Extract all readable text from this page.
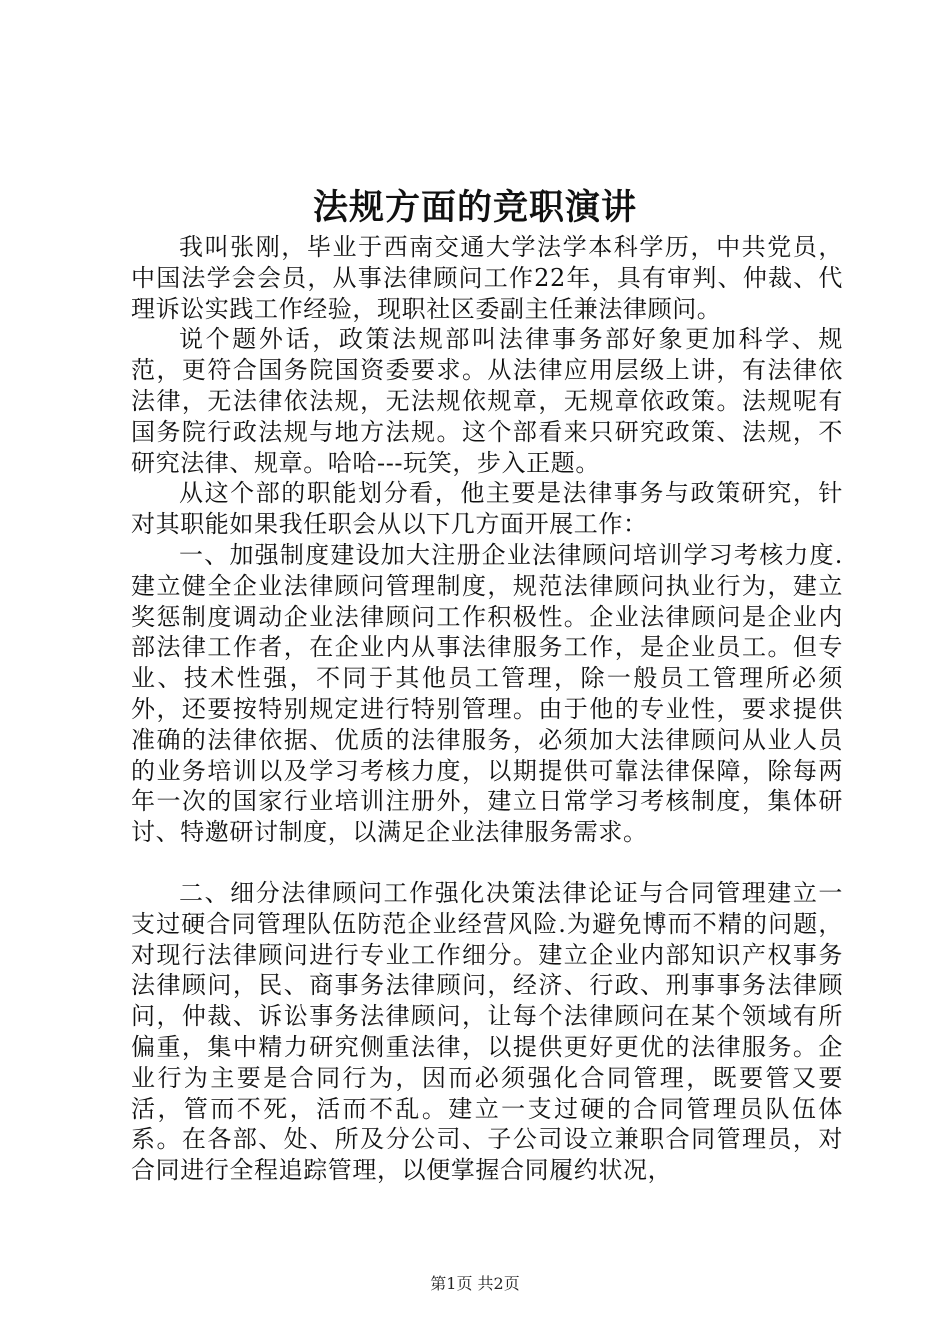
法规方面的竞职演讲

我叫张刚，毕业于西南交通大学法学本科学历，中共党员，中国法学会会员，从事法律顾问工作22年，具有审判、仲裁、代理诉讼实践工作经验，现职社区委副主任兼法律顾问。

说个题外话，政策法规部叫法律事务部好象更加科学、规范，更符合国务院国资委要求。从法律应用层级上讲，有法律依法律，无法律依法规，无法规依规章，无规章依政策。法规呢有国务院行政法规与地方法规。这个部看来只研究政策、法规，不研究法律、规章。哈哈---玩笑，步入正题。

从这个部的职能划分看，他主要是法律事务与政策研究，针对其职能如果我任职会从以下几方面开展工作：

一、加强制度建设加大注册企业法律顾问培训学习考核力度.建立健全企业法律顾问管理制度，规范法律顾问执业行为，建立奖惩制度调动企业法律顾问工作积极性。企业法律顾问是企业内部法律工作者，在企业内从事法律服务工作，是企业员工。但专业、技术性强，不同于其他员工管理，除一般员工管理所必须外，还要按特别规定进行特别管理。由于他的专业性，要求提供准确的法律依据、优质的法律服务，必须加大法律顾问从业人员的业务培训以及学习考核力度，以期提供可靠法律保障，除每两年一次的国家行业培训注册外，建立日常学习考核制度，集体研讨、特邀研讨制度，以满足企业法律服务需求。

二、细分法律顾问工作强化决策法律论证与合同管理建立一支过硬合同管理队伍防范企业经营风险.为避免博而不精的问题，对现行法律顾问进行专业工作细分。建立企业内部知识产权事务法律顾问，民、商事务法律顾问，经济、行政、刑事事务法律顾问，仲裁、诉讼事务法律顾问，让每个法律顾问在某个领域有所偏重，集中精力研究侧重法律，以提供更好更优的法律服务。企业行为主要是合同行为，因而必须强化合同管理，既要管又要活，管而不死，活而不乱。建立一支过硬的合同管理员队伍体系。在各部、处、所及分公司、子公司设立兼职合同管理员，对合同进行全程追踪管理，以便掌握合同履约状况，

第1页 共2页
